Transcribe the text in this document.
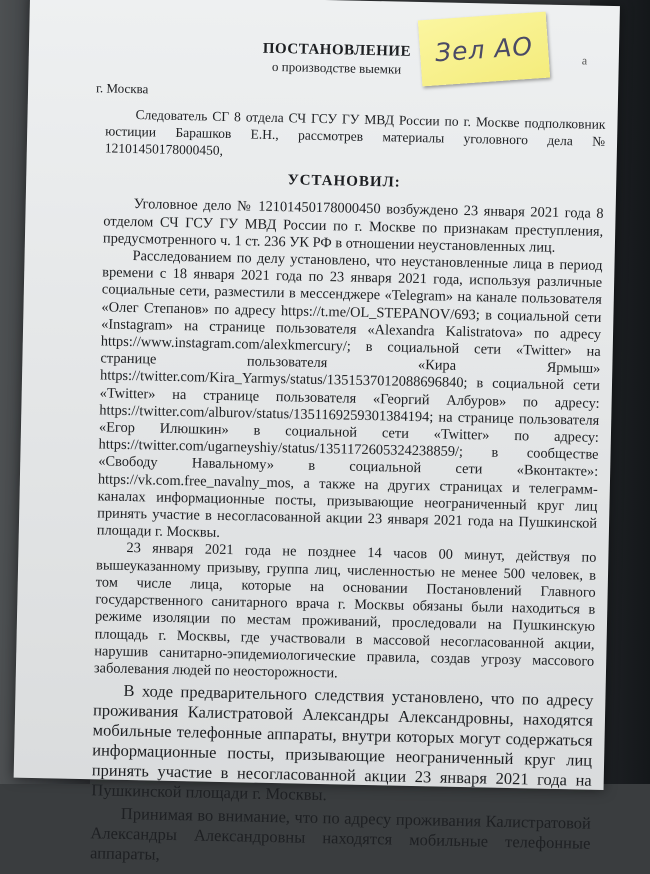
ПОСТАНОВЛЕНИЕ
о производстве выемки
г. Москва
Следователь СГ 8 отдела СЧ ГСУ ГУ МВД России по г. Москве подполковник юстиции Барашков Е.Н., рассмотрев материалы уголовного дела № 12101450178000450,
УСТАНОВИЛ:

Уголовное дело № 12101450178000450 возбуждено 23 января 2021 года 8 отделом СЧ ГСУ ГУ МВД России по г. Москве по признакам преступления, предусмотренного ч. 1 ст. 236 УК РФ в отношении неустановленных лиц.

Расследованием по делу установлено, что неустановленные лица в период времени с 18 января 2021 года по 23 января 2021 года, используя различные социальные сети, разместили в мессенджере «Telegram» на канале пользователя «Олег Степанов» по адресу https://t.me/OL_STEPANOV/693; в социальной сети «Instagram» на странице пользователя «Alexandra Kalistratova» по адресу https://www.instagram.com/alexkmercury/; в социальной сети «Twitter» на странице пользователя «Кира Ярмыш» https://twitter.com/Kira_Yarmys/status/1351537012088696840; в социальной сети «Twitter» на странице пользователя «Георгий Албуров» по адресу: https://twitter.com/alburov/status/1351169259301384194; на странице пользователя «Егор Илюшкин» в социальной сети «Twitter» по адресу: https://twitter.com/ugarneyshiy/status/1351172605324238859/; в сообществе «Свободу Навальному» в социальной сети «Вконтакте»: https://vk.com.free_navalny_mos, а также на других страницах и телеграмм-каналах информационные посты, призывающие неограниченный круг лиц принять участие в несогласованной акции 23 января 2021 года на Пушкинской площади г. Москвы.

23 января 2021 года не позднее 14 часов 00 минут, действуя по вышеуказанному призыву, группа лиц, численностью не менее 500 человек, в том числе лица, которые на основании Постановлений Главного государственного санитарного врача г. Москвы обязаны были находиться в режиме изоляции по местам проживаний, проследовали на Пушкинскую площадь г. Москвы, где участвовали в массовой несогласованной акции, нарушив санитарно-эпидемиологические правила, создав угрозу массового заболевания людей по неосторожности.

В ходе предварительного следствия установлено, что по адресу проживания Калистратовой Александры Александровны, находятся мобильные телефонные аппараты, внутри которых могут содержаться информационные посты, призывающие неограниченный круг лиц принять участие в несогласованной акции 23 января 2021 года на Пушкинской площади г. Москвы.

Принимая во внимание, что по адресу проживания Калистратовой Александры Александровны находятся мобильные телефонные аппараты,

а
Зел АО
